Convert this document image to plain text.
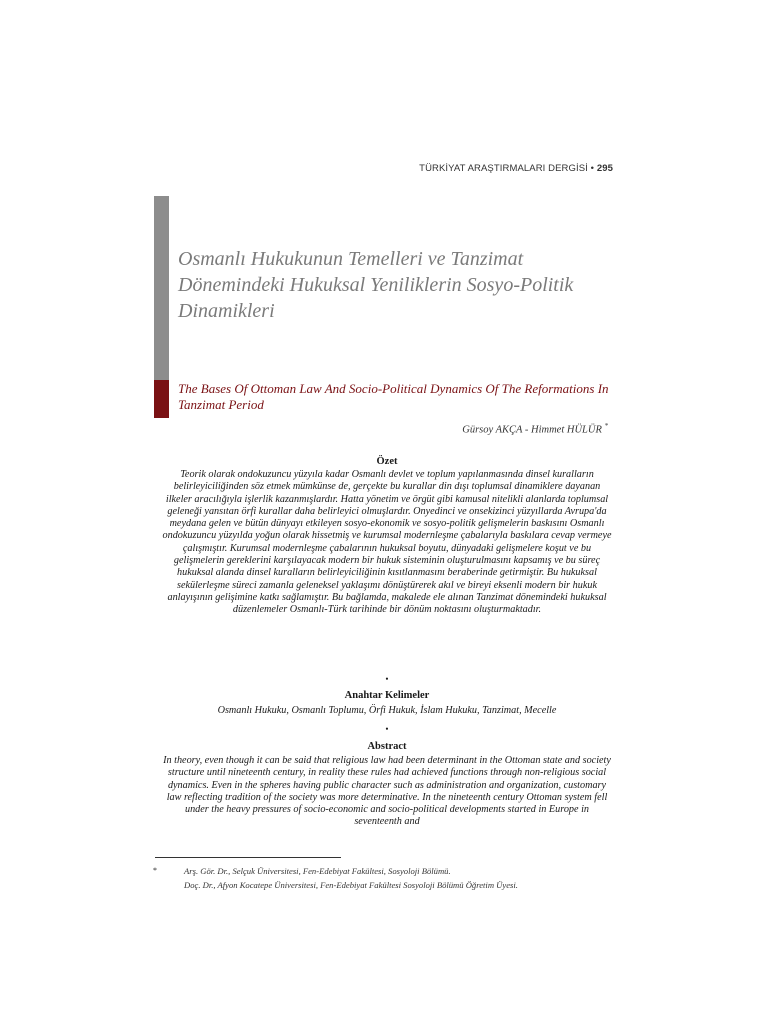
TÜRKİYAT ARAŞTIRMALARI DERGİSİ • 295
Osmanlı Hukukunun Temelleri ve Tanzimat Dönemindeki Hukuksal Yeniliklerin Sosyo-Politik Dinamikleri
The Bases Of Ottoman Law And Socio-Political Dynamics Of The Reformations In Tanzimat Period
Gürsoy AKÇA - Himmet HÜLÜR *
Özet
Teorik olarak ondokuzuncu yüzyıla kadar Osmanlı devlet ve toplum yapılanmasında dinsel kuralların belirleyiciliğinden söz etmek mümkünse de, gerçekte bu kurallar din dışı toplumsal dinamiklere dayanan ilkeler aracılığıyla işlerlik kazanmışlardır. Hatta yönetim ve örgüt gibi kamusal nitelikli alanlarda toplumsal geleneği yansıtan örfi kurallar daha belirleyici olmuşlardır. Onyedinci ve onsekizinci yüzyıllarda Avrupa'da meydana gelen ve bütün dünyayı etkileyen sosyo-ekonomik ve sosyo-politik gelişmelerin baskısını Osmanlı ondokuzuncu yüzyılda yoğun olarak hissetmiş ve kurumsal modernleşme çabalarıyla baskılara cevap vermeye çalışmıştır. Kurumsal modernleşme çabalarının hukuksal boyutu, dünyadaki gelişmelere koşut ve bu gelişmelerin gereklerini karşılayacak modern bir hukuk sisteminin oluşturulmasını kapsamış ve bu süreç hukuksal alanda dinsel kuralların belirleyiciliğinin kısıtlanmasını beraberinde getirmiştir. Bu hukuksal sekülerleşme süreci zamanla geleneksel yaklaşımı dönüştürerek akıl ve bireyi eksenli modern bir hukuk anlayışının gelişimine katkı sağlamıştır. Bu bağlamda, makalede ele alınan Tanzimat dönemindeki hukuksal düzenlemeler Osmanlı-Türk tarihinde bir dönüm noktasını oluşturmaktadır.
•
Anahtar Kelimeler
Osmanlı Hukuku, Osmanlı Toplumu, Örfi Hukuk, İslam Hukuku, Tanzimat, Mecelle
•
Abstract
In theory, even though it can be said that religious law had been determinant in the Ottoman state and society structure until nineteenth century, in reality these rules had achieved functions through non-religious social dynamics. Even in the spheres having public character such as administration and organization, customary law reflecting tradition of the society was more determinative. In the nineteenth century Ottoman system fell under the heavy pressures of socio-economic and socio-political developments started in Europe in seventeenth and
*	Arş. Gör. Dr., Selçuk Üniversitesi, Fen-Edebiyat Fakültesi, Sosyoloji Bölümü.
Doç. Dr., Afyon Kocatepe Üniversitesi, Fen-Edebiyat Fakültesi Sosyoloji Bölümü Öğretim Üyesi.
